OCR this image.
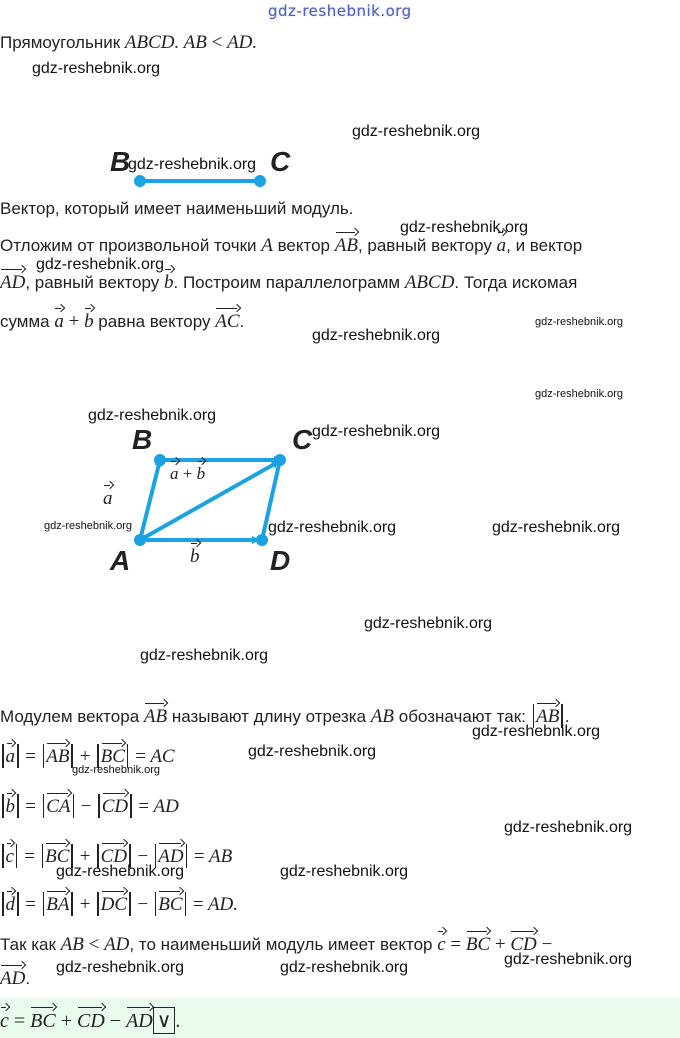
gdz-reshebnik.org
Прямоугольник ABCD. AB < AD.
B	C
Вектор, который имеет наименьший модуль.
Отложим от произвольной точки A вектор AB, равный вектору a, и вектор
AD, равный вектору b. Построим параллелограмм ABCD. Тогда искомая
сумма a + b равна вектору AC.
A
B	C
D
a
b
a + b
Модулем вектора AB называют длину отрезка AB обозначают так: AB .
a = AB + BC = AC
b = CA − CD = AD
c = BC + CD − AD = AB
d = BA + DC − BC = AD.
Так как AB < AD, то наименьший модуль имеет вектор c = BC + CD −
AD.
c = BC + CD − AD ∨ .
gdz-reshebnik.org
gdz-reshebnik.org
gdz-reshebnik.org
gdz-reshebnik.org
gdz-reshebnik.org
gdz-reshebnik.org
gdz-reshebnik.org
gdz-reshebnik.org
gdz-reshebnik.org
gdz-reshebnik.org
gdz-reshebnik.org	gdz-reshebnik.org	gdz-reshebnik.org
gdz-reshebnik.org
gdz-reshebnik.org
gdz-reshebnik.org
gdz-reshebnik.org
gdz-reshebnik.org
gdz-reshebnik.org
gdz-reshebnik.org	gdz-reshebnik.org
gdz-reshebnik.org
gdz-reshebnik.org	gdz-reshebnik.org
